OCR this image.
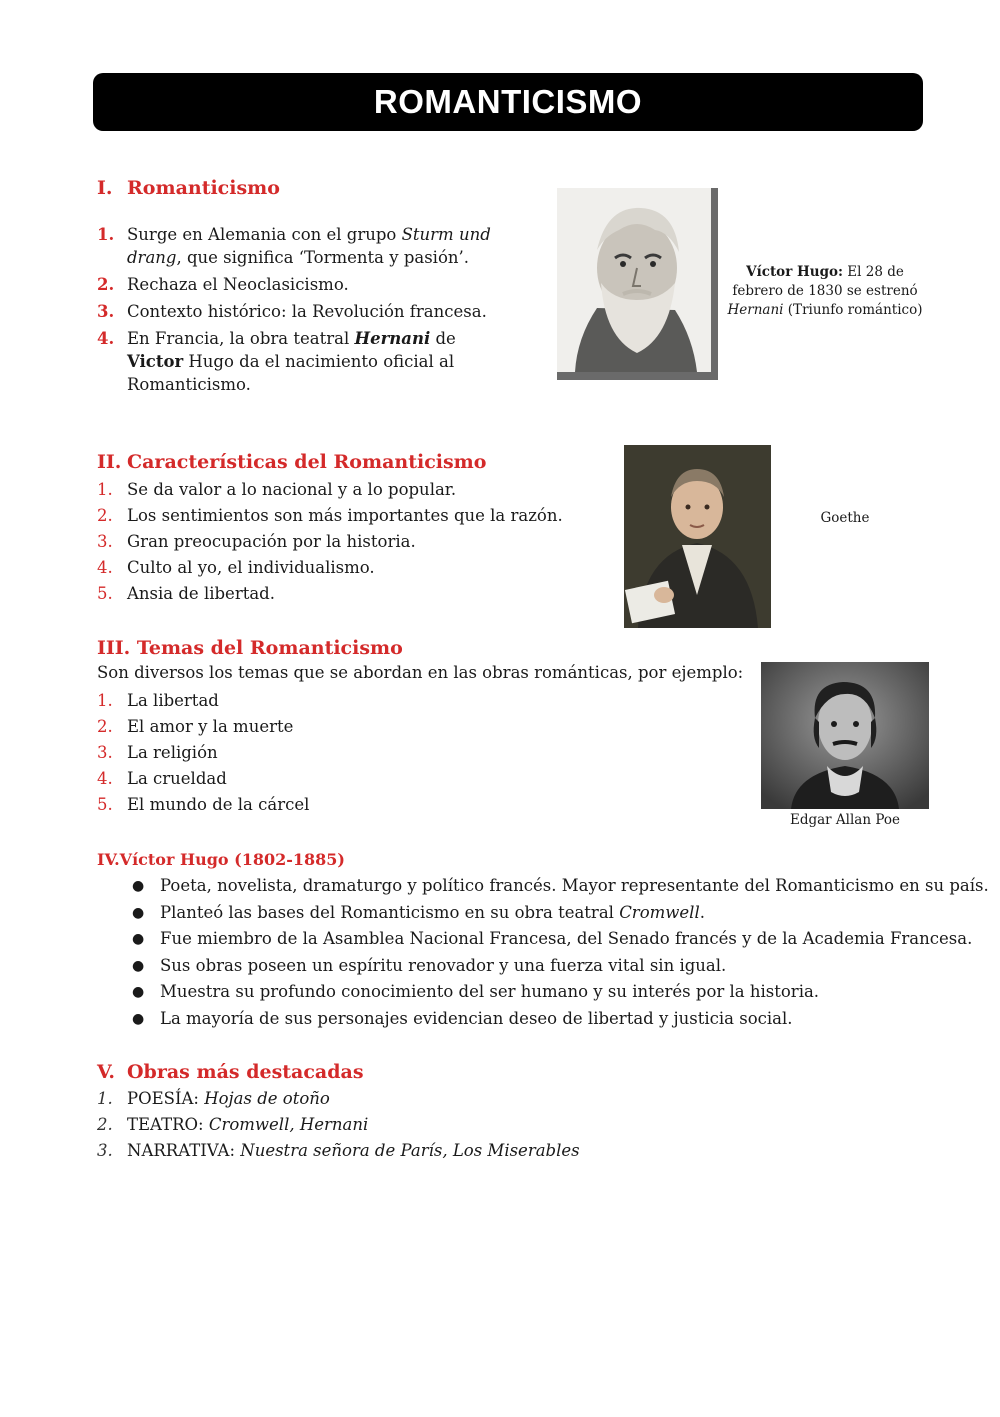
ROMANTICISMO
I. Romanticismo
1. Surge en Alemania con el grupo Sturm und drang, que significa ‘Tormenta y pasión’.
2. Rechaza el Neoclasicismo.
3. Contexto histórico: la Revolución francesa.
4. En Francia, la obra teatral Hernani de Victor Hugo da el nacimiento oficial al Romanticismo.
Víctor Hugo: El 28 de febrero de 1830 se estrenó Hernani (Triunfo romántico)
II. Características del Romanticismo
1. Se da valor a lo nacional y a lo popular.
2. Los sentimientos son más importantes que la razón.
3. Gran preocupación por la historia.
4. Culto al yo, el individualismo.
5. Ansia de libertad.
Goethe
III. Temas del Romanticismo
Son diversos los temas que se abordan en las obras románticas, por ejemplo:
1. La libertad
2. El amor y la muerte
3. La religión
4. La crueldad
5. El mundo de la cárcel
Edgar Allan Poe
IV.Víctor Hugo (1802-1885)
● Poeta, novelista, dramaturgo y político francés. Mayor representante del Romanticismo en su país.
● Planteó las bases del Romanticismo en su obra teatral Cromwell.
● Fue miembro de la Asamblea Nacional Francesa, del Senado francés y de la Academia Francesa.
● Sus obras poseen un espíritu renovador y una fuerza vital sin igual.
● Muestra su profundo conocimiento del ser humano y su interés por la historia.
● La mayoría de sus personajes evidencian deseo de libertad y justicia social.
V. Obras más destacadas
1. POESÍA: Hojas de otoño
2. TEATRO: Cromwell, Hernani
3. NARRATIVA: Nuestra señora de París, Los Miserables
